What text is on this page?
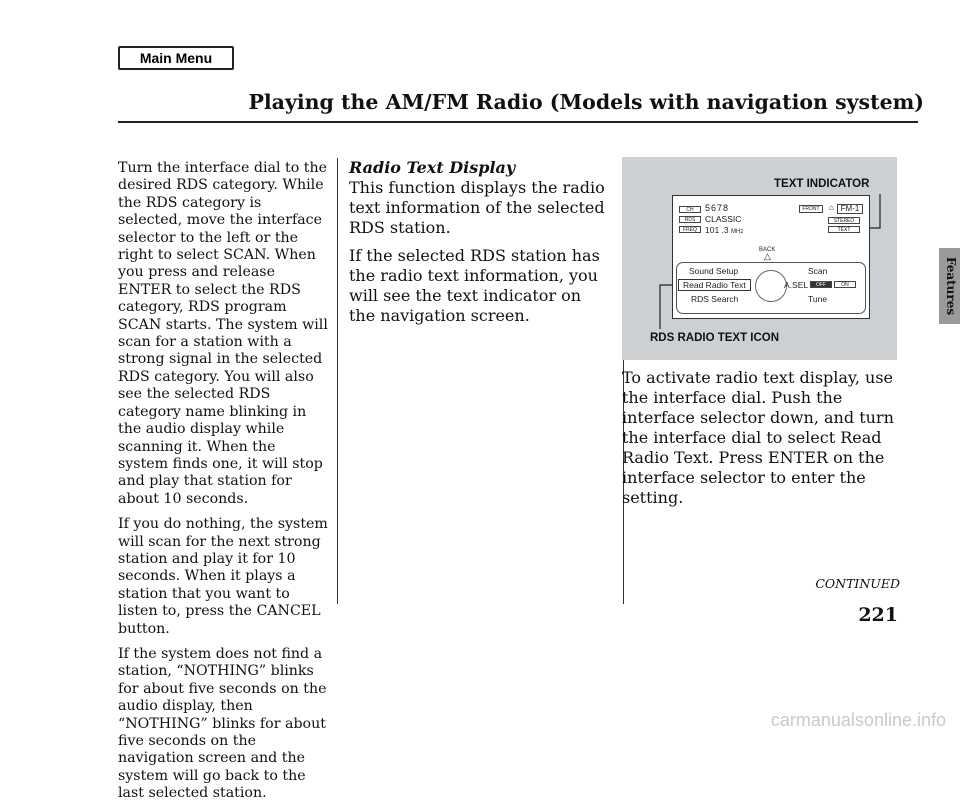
Main Menu
Playing the AM/FM Radio (Models with navigation system)

Turn the interface dial to the desired RDS category. While the RDS category is selected, move the interface selector to the left or the right to select SCAN. When you press and release ENTER to select the RDS category, RDS program SCAN starts. The system will scan for a station with a strong signal in the selected RDS category. You will also see the selected RDS category name blinking in the audio display while scanning it. When the system finds one, it will stop and play that station for about 10 seconds.

If you do nothing, the system will scan for the next strong station and play it for 10 seconds. When it plays a station that you want to listen to, press the CANCEL button.

If the system does not find a station, “NOTHING” blinks for about five seconds on the audio display, then “NOTHING” blinks for about five seconds on the navigation screen and the system will go back to the last selected station.

Radio Text Display

This function displays the radio text information of the selected RDS station.

If the selected RDS station has the radio text information, you will see the text indicator on the navigation screen.

TEXT INDICATOR
RDS RADIO TEXT ICON
CH
RDS
FREQ
5678
CLASSIC
101 .3 MHz
FRONT	⌂ FM-1
STEREO
TEXT
BACK
△
Sound Setup
Read Radio Text
RDS Search
Scan
A.SEL	OFF	ON
Tune

To activate radio text display, use the interface dial. Push the interface selector down, and turn the interface dial to select Read Radio Text. Press ENTER on the interface selector to enter the setting.

Features
CONTINUED
221
carmanualsonline.info
